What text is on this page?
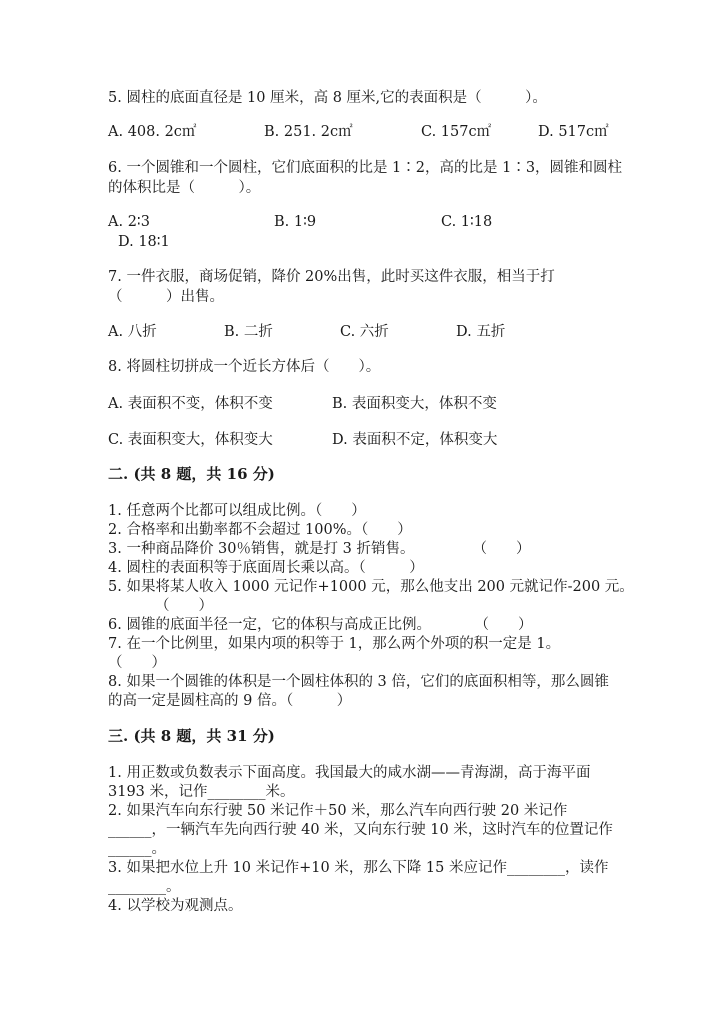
5. 圆柱的底面直径是 10 厘米，高 8 厘米,它的表面积是（　　　）。
A. 408. 2c㎡	B. 251. 2c㎡	C. 157c㎡	D. 517c㎡
6. 一个圆锥和一个圆柱，它们底面积的比是 1∶2，高的比是 1∶3，圆锥和圆柱
的体积比是（　　　）。
A. 2∶3	B. 1∶9	C. 1∶18
D. 18∶1
7. 一件衣服，商场促销，降价 20%出售，此时买这件衣服，相当于打
（　　　）出售。
A. 八折	B. 二折	C. 六折	D. 五折
8. 将圆柱切拼成一个近长方体后（　　）。
A. 表面积不变，体积不变	B. 表面积变大，体积不变
C. 表面积变大，体积变大	D. 表面积不定，体积变大
二. (共 8 题，共 16 分)
1. 任意两个比都可以组成比例。（　　）
2. 合格率和出勤率都不会超过 100%。（　　）
3. 一种商品降价 30％销售，就是打 3 折销售。　　　　　（　　）
4. 圆柱的表面积等于底面周长乘以高。（　　　）
5. 如果将某人收入 1000 元记作+1000 元，那么他支出 200 元就记作-200 元。
（　　）
6. 圆锥的底面半径一定，它的体积与高成正比例。　　　　（　　）
7. 在一个比例里，如果内项的积等于 1，那么两个外项的积一定是 1。
（　　）
8. 如果一个圆锥的体积是一个圆柱体积的 3 倍，它们的底面积相等，那么圆锥
的高一定是圆柱高的 9 倍。（　　　）
三. (共 8 题，共 31 分)
1. 用正数或负数表示下面高度。我国最大的咸水湖——青海湖，高于海平面
3193 米，记作________米。
2. 如果汽车向东行驶 50 米记作＋50 米，那么汽车向西行驶 20 米记作
______，一辆汽车先向西行驶 40 米，又向东行驶 10 米，这时汽车的位置记作
______。
3. 如果把水位上升 10 米记作+10 米，那么下降 15 米应记作________，读作
________。
4. 以学校为观测点。
